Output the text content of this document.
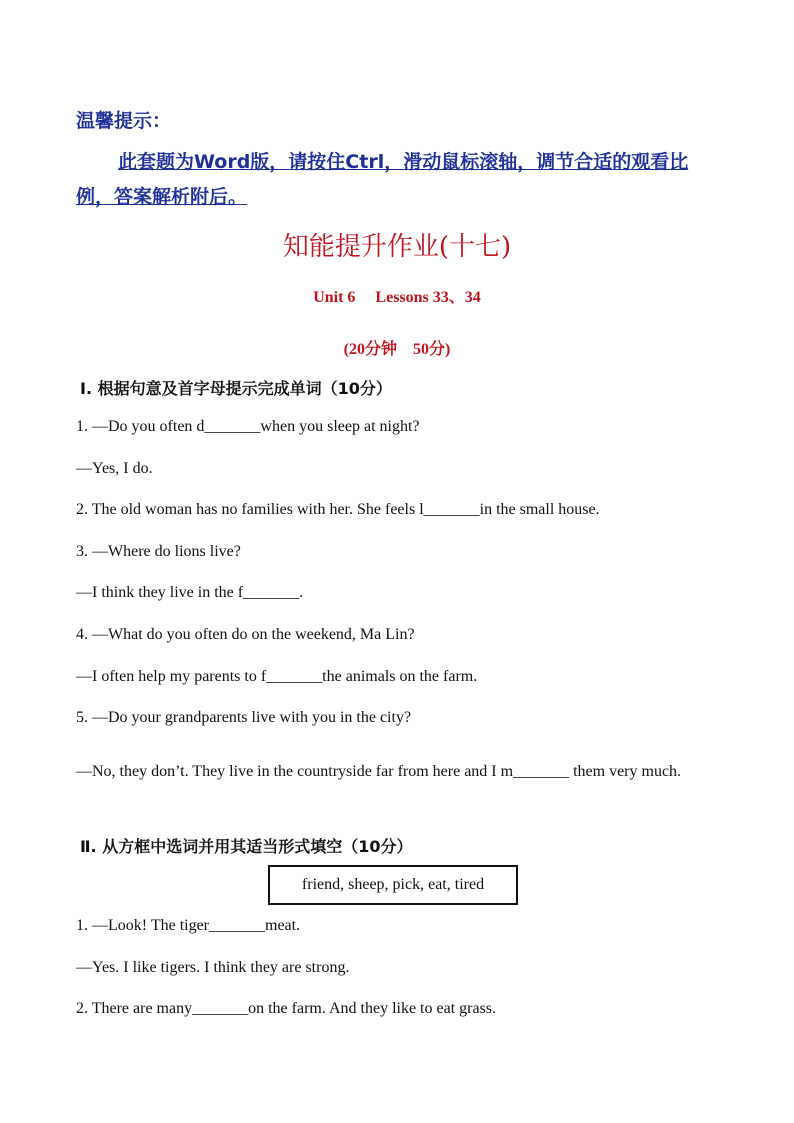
温馨提示：
此套题为Word版，请按住Ctrl，滑动鼠标滚轴，调节合适的观看比例，答案解析附后。
知能提升作业(十七)
Unit 6　 Lessons 33、34
(20分钟　50分)
Ⅰ. 根据句意及首字母提示完成单词（10分）
1. —Do you often d_______when you sleep at night?
—Yes, I do.
2. The old woman has no families with her. She feels l_______in the small house.
3. —Where do lions live?
—I think they live in the f_______.
4. —What do you often do on the weekend, Ma Lin?
—I often help my parents to f_______the animals on the farm.
5. —Do your grandparents live with you in the city?
—No, they don’t. They live in the countryside far from here and I m_______ them very much.
Ⅱ. 从方框中选词并用其适当形式填空（10分）
friend, sheep, pick, eat, tired
1. —Look! The tiger_______meat.
—Yes. I like tigers. I think they are strong.
2. There are many_______on the farm. And they like to eat grass.
